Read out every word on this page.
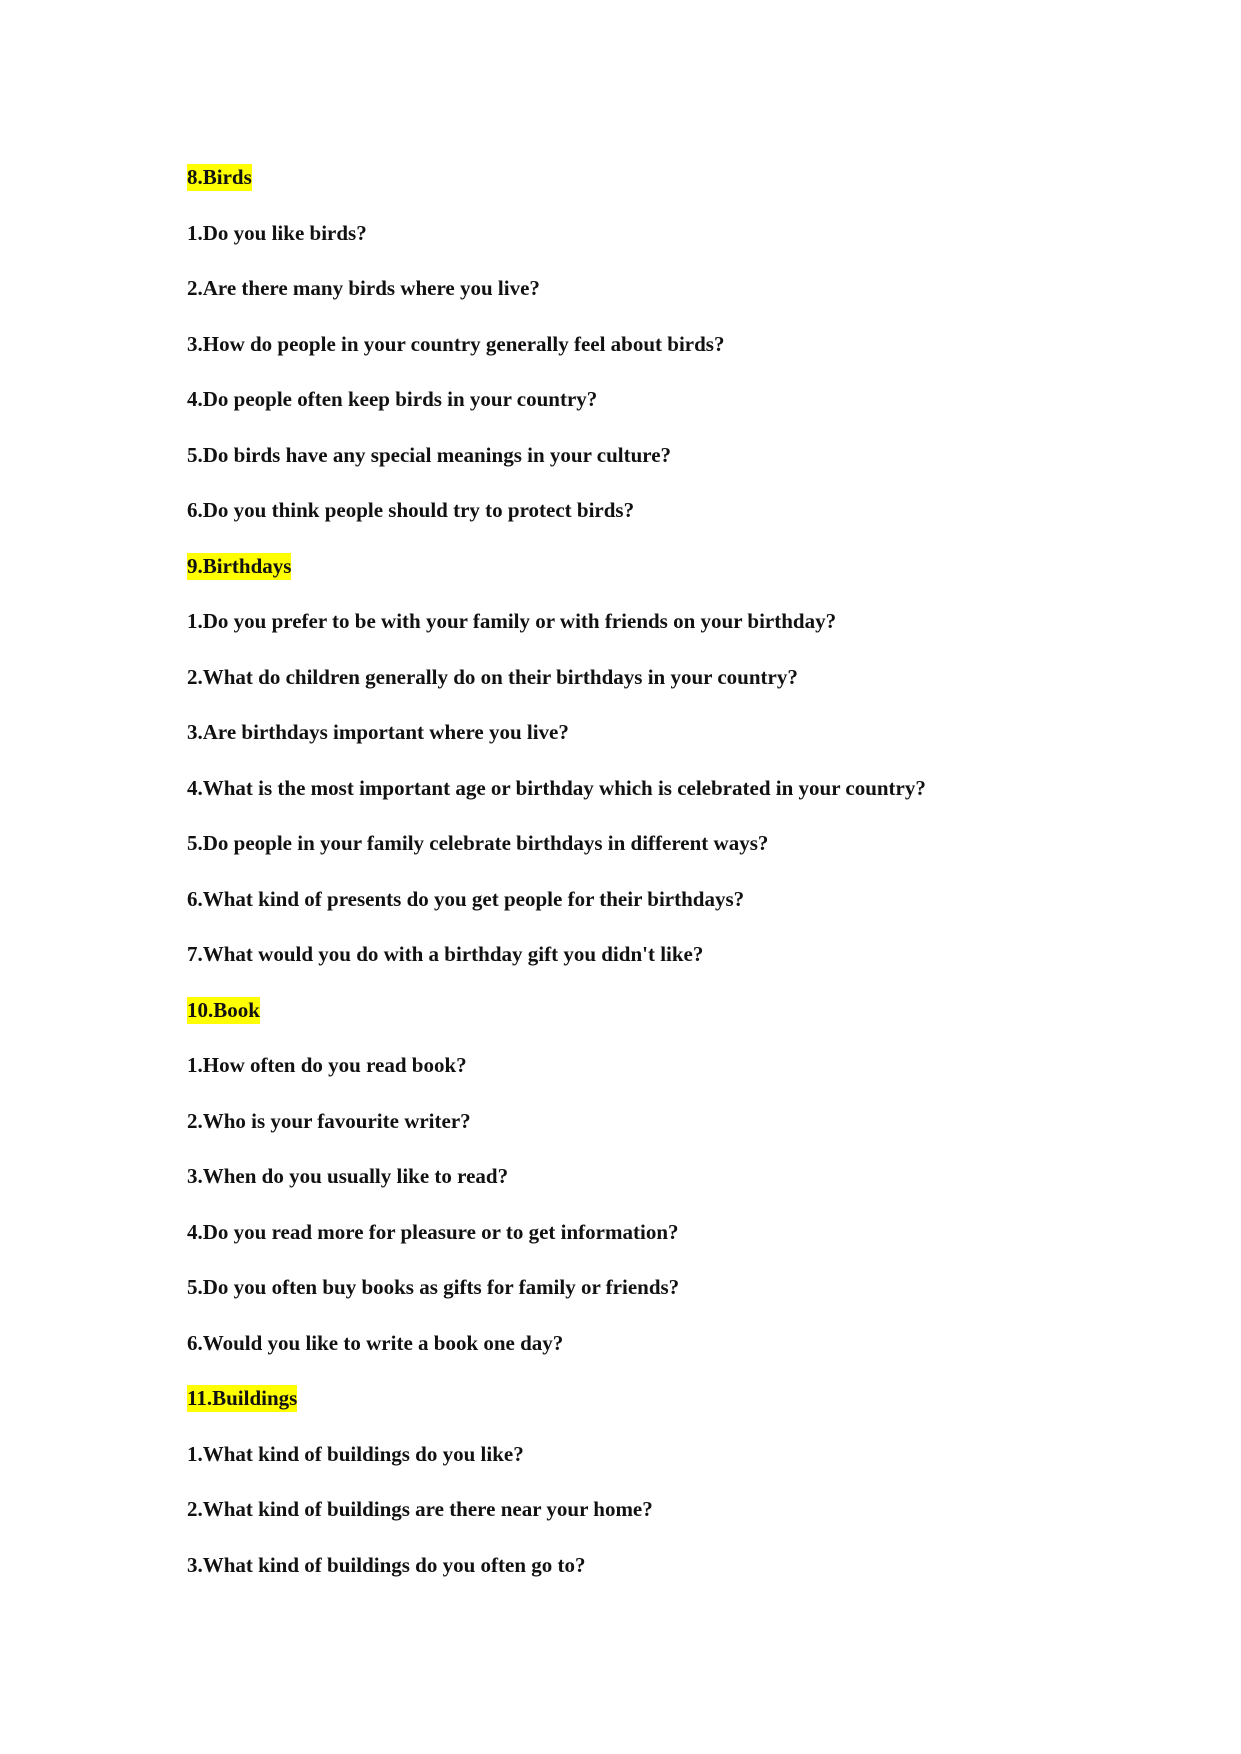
8.Birds
1.Do you like birds?
2.Are there many birds where you live?
3.How do people in your country generally feel about birds?
4.Do people often keep birds in your country?
5.Do birds have any special meanings in your culture?
6.Do you think people should try to protect birds?
9.Birthdays
1.Do you prefer to be with your family or with friends on your birthday?
2.What do children generally do on their birthdays in your country?
3.Are birthdays important where you live?
4.What is the most important age or birthday which is celebrated in your country?
5.Do people in your family celebrate birthdays in different ways?
6.What kind of presents do you get people for their birthdays?
7.What would you do with a birthday gift you didn't like?
10.Book
1.How often do you read book?
2.Who is your favourite writer?
3.When do you usually like to read?
4.Do you read more for pleasure or to get information?
5.Do you often buy books as gifts for family or friends?
6.Would you like to write a book one day?
11.Buildings
1.What kind of buildings do you like?
2.What kind of buildings are there near your home?
3.What kind of buildings do you often go to?
